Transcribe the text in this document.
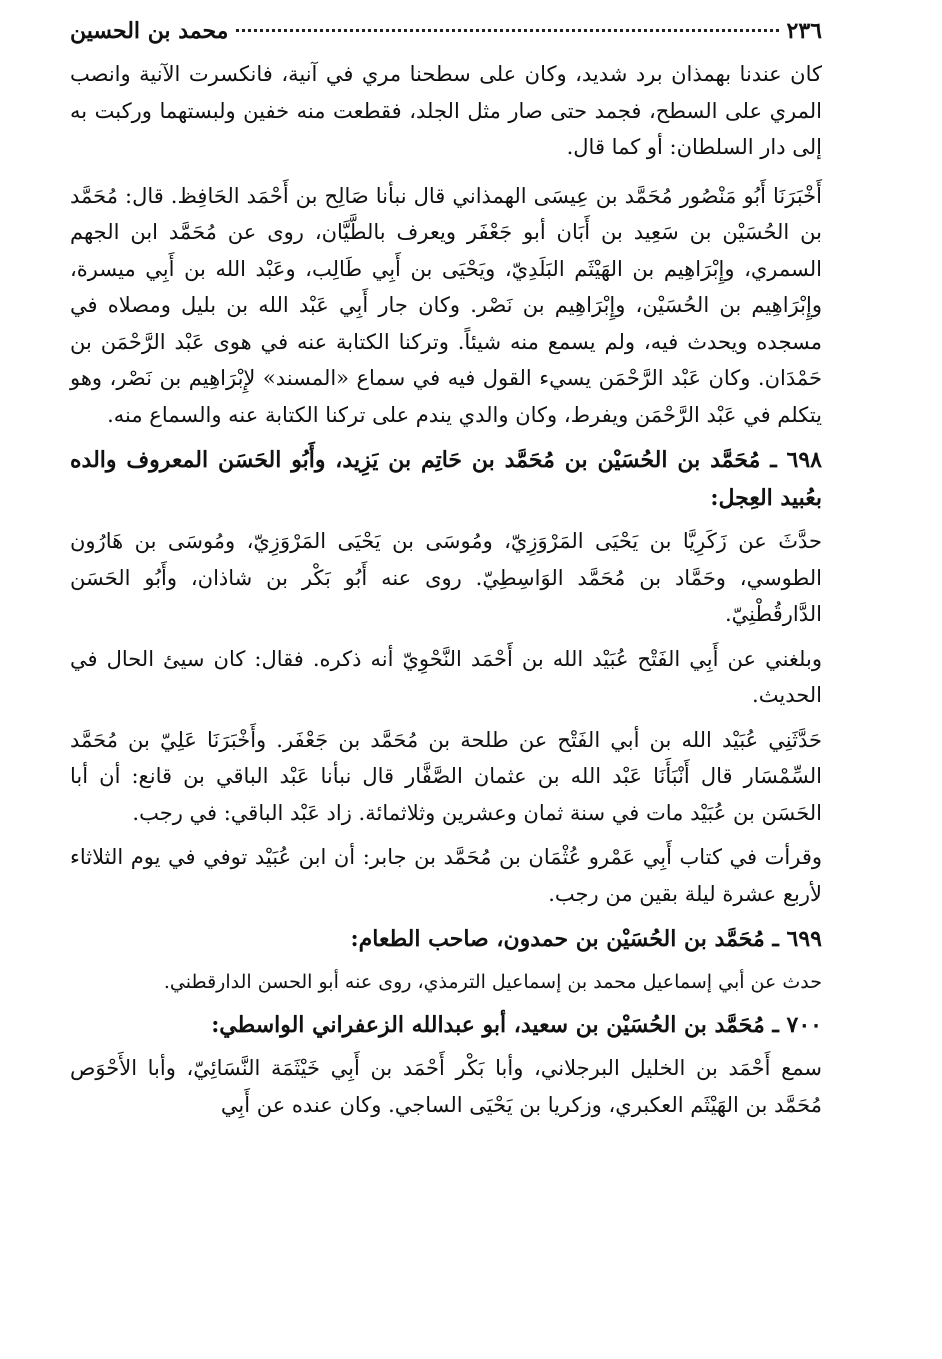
٢٣٦
محمد بن الحسين

كان عندنا بهمذان برد شديد، وكان على سطحنا مري في آنية، فانكسرت الآنية وانصب المري على السطح، فجمد حتى صار مثل الجلد، فقطعت منه خفين ولبستهما وركبت به إلى دار السلطان: أو كما قال.

أَخْبَرَنَا أَبُو مَنْصُور مُحَمَّد بن عِيسَى الهمذاني قال نبأنا صَالِح بن أَحْمَد الحَافِظ. قال: مُحَمَّد بن الحُسَيْن بن سَعِيد بن أَبَان أبو جَعْفَر ويعرف بالطَّيَّان، روى عن مُحَمَّد ابن الجهم السمري، وإِبْرَاهِيم بن الهَيْثَم البَلَدِيّ، ويَحْيَى بن أَبِي طَالِب، وعَبْد الله بن أَبِي ميسرة، وإِبْرَاهِيم بن الحُسَيْن، وإِبْرَاهِيم بن نَصْر. وكان جار أَبِي عَبْد الله بن بليل ومصلاه في مسجده ويحدث فيه، ولم يسمع منه شيئاً. وتركنا الكتابة عنه في هوى عَبْد الرَّحْمَن بن حَمْدَان. وكان عَبْد الرَّحْمَن يسيء القول فيه في سماع «المسند» لإِبْرَاهِيم بن نَصْر، وهو يتكلم في عَبْد الرَّحْمَن ويفرط، وكان والدي يندم على تركنا الكتابة عنه والسماع منه.

٦٩٨ ـ مُحَمَّد بن الحُسَيْن بن مُحَمَّد بن حَاتِم بن يَزِيد، وأَبُو الحَسَن المعروف والده بعُبيد العِجل:

حدَّثَ عن زَكَرِيَّا بن يَحْيَى المَرْوَزِيّ، ومُوسَى بن يَحْيَى المَرْوَزِيّ، ومُوسَى بن هَارُون الطوسي، وحَمَّاد بن مُحَمَّد الوَاسِطِيّ. روى عنه أَبُو بَكْر بن شاذان، وأَبُو الحَسَن الدَّارقُطْنِيّ.

وبلغني عن أَبِي الفَتْح عُبَيْد الله بن أَحْمَد النَّحْوِيّ أنه ذكره. فقال: كان سيئ الحال في الحديث.

حَدَّثَنِي عُبَيْد الله بن أبي الفَتْح عن طلحة بن مُحَمَّد بن جَعْفَر. وأَخْبَرَنَا عَلِيّ بن مُحَمَّد السِّمْسَار قال أَنْبَأَنَا عَبْد الله بن عثمان الصَّفَّار قال نبأنا عَبْد الباقي بن قانع: أن أبا الحَسَن بن عُبَيْد مات في سنة ثمان وعشرين وثلاثمائة. زاد عَبْد الباقي: في رجب.

وقرأت في كتاب أَبِي عَمْرو عُثْمَان بن مُحَمَّد بن جابر: أن ابن عُبَيْد توفي في يوم الثلاثاء لأربع عشرة ليلة بقين من رجب.

٦٩٩ ـ مُحَمَّد بن الحُسَيْن بن حمدون، صاحب الطعام:

حدث عن أبي إسماعيل محمد بن إسماعيل الترمذي، روى عنه أبو الحسن الدارقطني.

٧٠٠ ـ مُحَمَّد بن الحُسَيْن بن سعيد، أبو عبدالله الزعفراني الواسطي:

سمع أَحْمَد بن الخليل البرجلاني، وأبا بَكْر أَحْمَد بن أَبِي خَيْثَمَة النَّسَائِيّ، وأبا الأَحْوَص مُحَمَّد بن الهَيْثَم العكبري، وزكريا بن يَحْيَى الساجي. وكان عنده عن أَبِي
